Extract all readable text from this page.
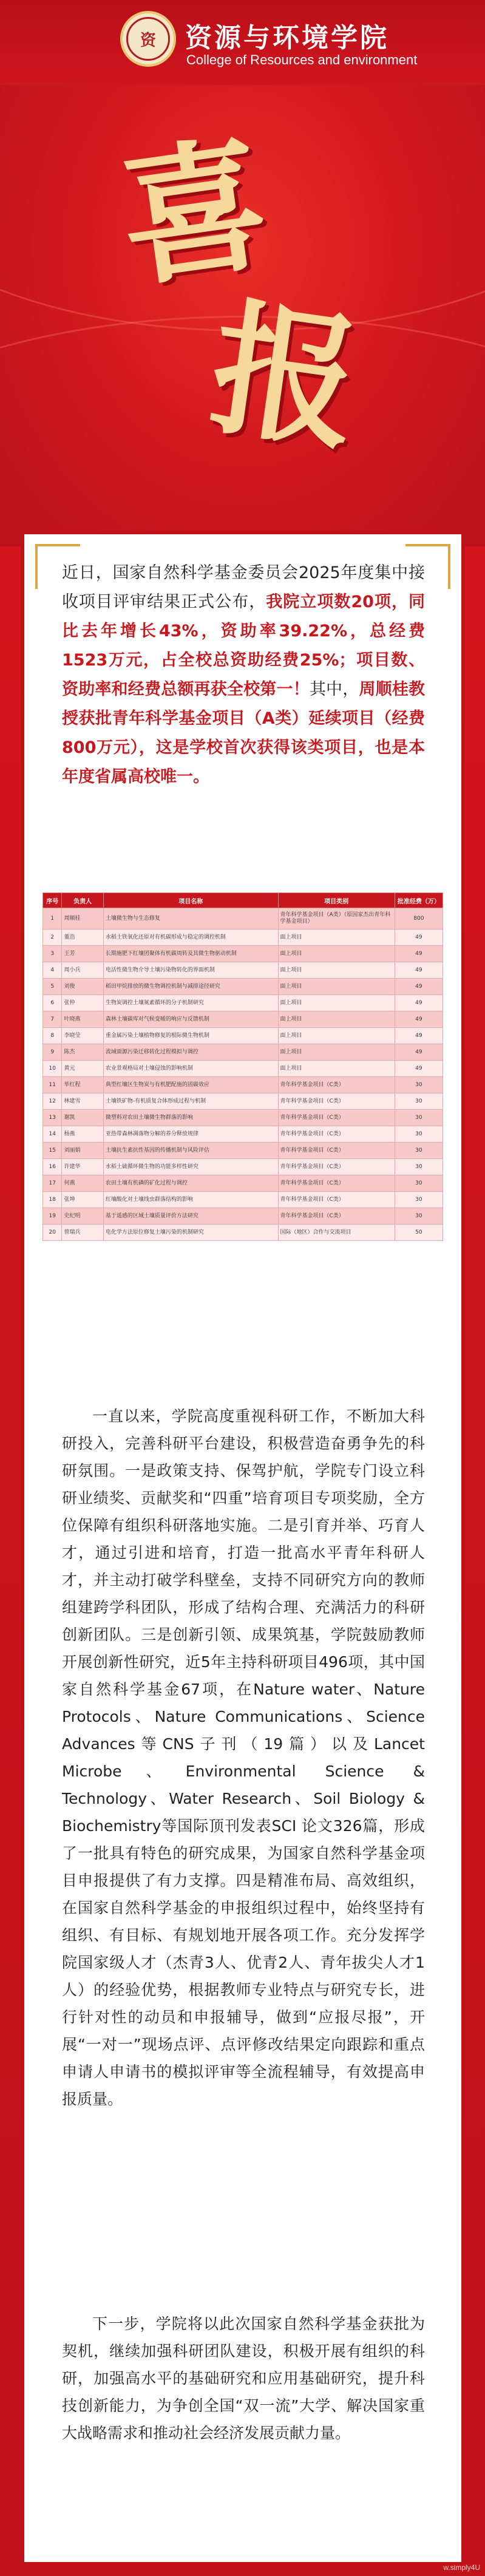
资	资源与环境学院
College of Resources and environment
喜
报
近日，国家自然科学基金委员会2025年度集中接收项目评审结果正式公布，我院立项数20项，同比去年增长43%，资助率39.22%，总经费1523万元，占全校总资助经费25%；项目数、资助率和经费总额再获全校第一！其中，周顺桂教授获批青年科学基金项目（A类）延续项目（经费800万元），这是学校首次获得该类项目，也是本年度省属高校唯一。
序号	负责人	项目名称	项目类别	批准经费（万）
1	周顺桂	土壤微生物与生态修复	青年科学基金项目（A类）（原国家杰出青年科学基金项目）	800
2	董浩	水稻土铁氧化还原对有机碳形成与稳定的调控机制	面上项目	49
3	王芳	长期施肥下红壤团聚体有机碳周转及其微生物驱动机制	面上项目	49
4	周小兵	电活性微生物介导土壤污染物转化的界面机制	面上项目	49
5	刘俊	稻田甲烷排放的微生物调控机制与减排途径研究	面上项目	49
6	张仲	生物炭调控土壤氮素循环的分子机制研究	面上项目	49
7	叶晓燕	森林土壤碳库对气候变暖的响应与反馈机制	面上项目	49
8	李晓莹	重金属污染土壤植物修复的根际微生物机制	面上项目	49
9	陈杰	流域面源污染迁移转化过程模拟与调控	面上项目	49
10	黄元	农业景观格局对土壤侵蚀的影响机制	面上项目	49
11	毕红程	典型红壤区生物炭与有机肥配施的固碳效应	青年科学基金项目（C类）	30
12	林建雪	土壤铁矿物-有机质复合体形成过程与机制	青年科学基金项目（C类）	30
13	谢凯	微塑料对农田土壤微生物群落的影响	青年科学基金项目（C类）	30
14	杨燕	亚热带森林凋落物分解的养分释放规律	青年科学基金项目（C类）	30
15	刘丽娟	土壤抗生素抗性基因的传播机制与风险评估	青年科学基金项目（C类）	30
16	许建华	水稻土硫循环微生物的功能多样性研究	青年科学基金项目（C类）	30
17	何燕	农田土壤有机磷的矿化过程与调控	青年科学基金项目（C类）	30
18	张坤	红壤酸化对土壤线虫群落结构的影响	青年科学基金项目（C类）	30
19	史纪明	基于遥感的区域土壤质量评价方法研究	青年科学基金项目（C类）	30
20	曾瑞兵	电化学方法原位修复土壤污染的机制研究	国际（地区）合作与交流项目	50
一直以来，学院高度重视科研工作，不断加大科研投入，完善科研平台建设，积极营造奋勇争先的科研氛围。一是政策支持、保驾护航，学院专门设立科研业绩奖、贡献奖和“四重”培育项目专项奖励，全方位保障有组织科研落地实施。二是引育并举、巧育人才，通过引进和培育，打造一批高水平青年科研人才，并主动打破学科壁垒，支持不同研究方向的教师组建跨学科团队，形成了结构合理、充满活力的科研创新团队。三是创新引领、成果筑基，学院鼓励教师开展创新性研究，近5年主持科研项目496项，其中国家自然科学基金67项，在Nature water、Nature Protocols、Nature Communications、Science Advances等CNS子刊（19篇）以及Lancet Microbe、Environmental Science & Technology、Water Research、Soil Biology & Biochemistry等国际顶刊发表SCI 论文326篇，形成了一批具有特色的研究成果，为国家自然科学基金项目申报提供了有力支撑。四是精准布局、高效组织，在国家自然科学基金的申报组织过程中，始终坚持有组织、有目标、有规划地开展各项工作。充分发挥学院国家级人才（杰青3人、优青2人、青年拔尖人才1人）的经验优势，根据教师专业特点与研究专长，进行针对性的动员和申报辅导，做到“应报尽报”，开展“一对一”现场点评、点评修改结果定向跟踪和重点申请人申请书的模拟评审等全流程辅导，有效提高申报质量。
下一步，学院将以此次国家自然科学基金获批为契机，继续加强科研团队建设，积极开展有组织的科研，加强高水平的基础研究和应用基础研究，提升科技创新能力，为争创全国“双一流”大学、解决国家重大战略需求和推动社会经济发展贡献力量。
w.simply4U
